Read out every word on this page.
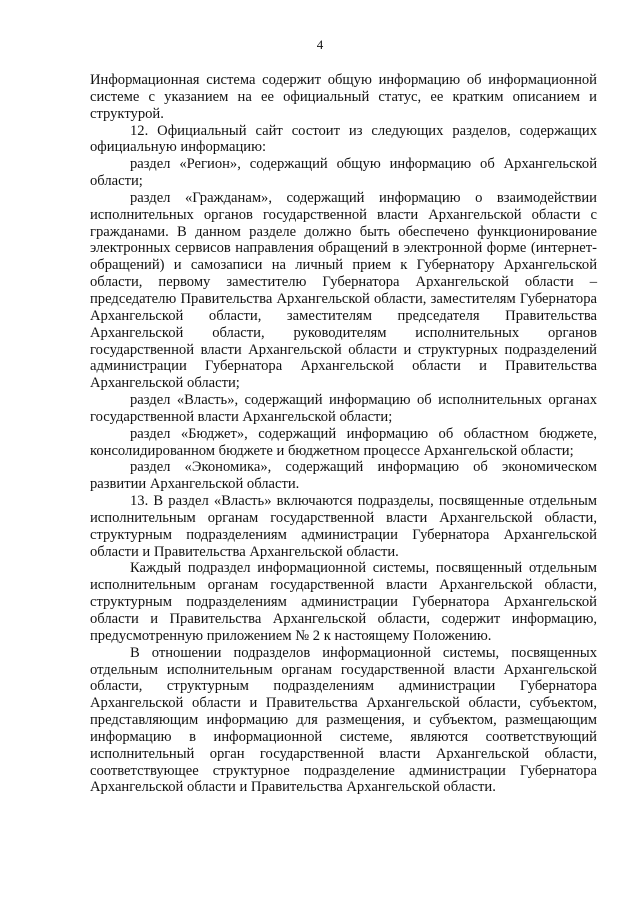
4

Информационная система содержит общую информацию об информационной системе с указанием на ее официальный статус, ее кратким описанием и структурой.

12. Официальный сайт состоит из следующих разделов, содержащих официальную информацию:

раздел «Регион», содержащий общую информацию об Архангельской области;

раздел «Гражданам», содержащий информацию о взаимодействии исполнительных органов государственной власти Архангельской области с гражданами. В данном разделе должно быть обеспечено функционирование электронных сервисов направления обращений в электронной форме (интернет-обращений) и самозаписи на личный прием к Губернатору Архангельской области, первому заместителю Губернатора Архангельской области – председателю Правительства Архангельской области, заместителям Губернатора Архангельской области, заместителям председателя Правительства Архангельской области, руководителям исполнительных органов государственной власти Архангельской области и структурных подразделений администрации Губернатора Архангельской области и Правительства Архангельской области;

раздел «Власть», содержащий информацию об исполнительных органах государственной власти Архангельской области;

раздел «Бюджет», содержащий информацию об областном бюджете, консолидированном бюджете и бюджетном процессе Архангельской области;

раздел «Экономика», содержащий информацию об экономическом развитии Архангельской области.

13. В раздел «Власть» включаются подразделы, посвященные отдельным исполнительным органам государственной власти Архангельской области, структурным подразделениям администрации Губернатора Архангельской области и Правительства Архангельской области.

Каждый подраздел информационной системы, посвященный отдельным исполнительным органам государственной власти Архангельской области, структурным подразделениям администрации Губернатора Архангельской области и Правительства Архангельской области, содержит информацию, предусмотренную приложением № 2 к настоящему Положению.

В отношении подразделов информационной системы, посвященных отдельным исполнительным органам государственной власти Архангельской области, структурным подразделениям администрации Губернатора Архангельской области и Правительства Архангельской области, субъектом, представляющим информацию для размещения, и субъектом, размещающим информацию в информационной системе, являются соответствующий исполнительный орган государственной власти Архангельской области, соответствующее структурное подразделение администрации Губернатора Архангельской области и Правительства Архангельской области.
